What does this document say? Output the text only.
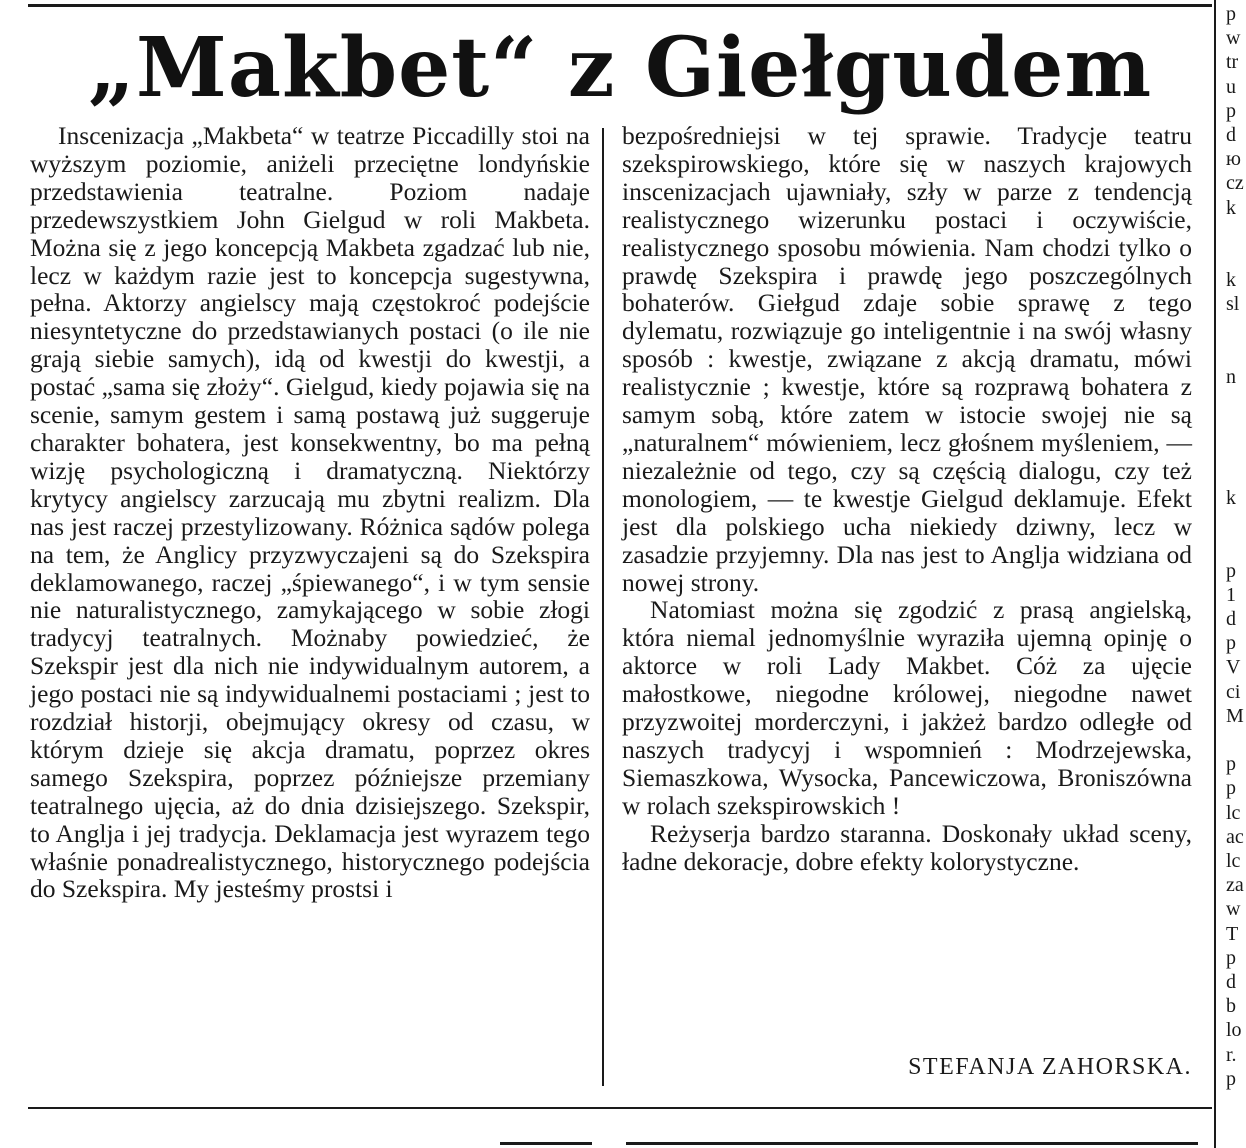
„Makbet“ z Giełgudem

Inscenizacja „Makbeta“ w teatrze Piccadilly stoi na wyższym poziomie, aniżeli przeciętne londyńskie przedstawienia teatralne. Poziom nadaje przedewszystkiem John Gielgud w roli Makbeta. Można się z jego koncepcją Makbeta zgadzać lub nie, lecz w każdym razie jest to koncepcja sugestywna, pełna. Aktorzy angielscy mają częstokroć podejście niesyntetyczne do przedstawianych postaci (o ile nie grają siebie samych), idą od kwestji do kwestji, a postać „sama się złoży“. Gielgud, kiedy pojawia się na scenie, samym gestem i samą postawą już suggeruje charakter bohatera, jest konsekwentny, bo ma pełną wizję psychologiczną i dramatyczną. Niektórzy krytycy angielscy zarzucają mu zbytni realizm. Dla nas jest raczej przestylizowany. Różnica sądów polega na tem, że Anglicy przyzwyczajeni są do Szekspira deklamowanego, raczej „śpiewanego“, i w tym sensie nie naturalistycznego, zamykającego w sobie złogi tradycyj teatralnych. Możnaby powiedzieć, że Szekspir jest dla nich nie indywidualnym autorem, a jego postaci nie są indywidualnemi postaciami ; jest to rozdział historji, obejmujący okresy od czasu, w którym dzieje się akcja dramatu, poprzez okres samego Szekspira, poprzez późniejsze przemiany teatralnego ujęcia, aż do dnia dzisiejszego. Szekspir, to Anglja i jej tradycja. Deklamacja jest wyrazem tego właśnie ponadrealistycznego, historycznego podejścia do Szekspira. My jesteśmy prostsi i

bezpośredniejsi w tej sprawie. Tradycje teatru szekspirowskiego, które się w naszych krajowych inscenizacjach ujawniały, szły w parze z tendencją realistycznego wizerunku postaci i oczywiście, realistycznego sposobu mówienia. Nam chodzi tylko o prawdę Szekspira i prawdę jego poszczególnych bohaterów. Giełgud zdaje sobie sprawę z tego dylematu, rozwiązuje go inteligentnie i na swój własny sposób : kwestje, związane z akcją dramatu, mówi realistycznie ; kwestje, które są rozprawą bohatera z samym sobą, które zatem w istocie swojej nie są „naturalnem“ mówieniem, lecz głośnem myśleniem, — niezależnie od tego, czy są częścią dialogu, czy też monologiem, — te kwestje Gielgud deklamuje. Efekt jest dla polskiego ucha niekiedy dziwny, lecz w zasadzie przyjemny. Dla nas jest to Anglja widziana od nowej strony.

Natomiast można się zgodzić z prasą angielską, która niemal jednomyślnie wyraziła ujemną opinję o aktorce w roli Lady Makbet. Cóż za ujęcie małostkowe, niegodne królowej, niegodne nawet przyzwoitej morderczyni, i jakżeż bardzo odległe od naszych tradycyj i wspomnień : Modrzejewska, Siemaszkowa, Wysocka, Pancewiczowa, Broniszówna w rolach szekspirowskich !

Reżyserja bardzo staranna. Doskonały układ sceny, ładne dekoracje, dobre efekty kolorystyczne.

STEFANJA ZAHORSKA.

p
w
tr
u
p
d
ю
cz
k
k
sl
n
k
p
1
d
p
V
ci
M
p
p
lc
ac
lc
za
w
T
p
d
b
lo
r.
p
